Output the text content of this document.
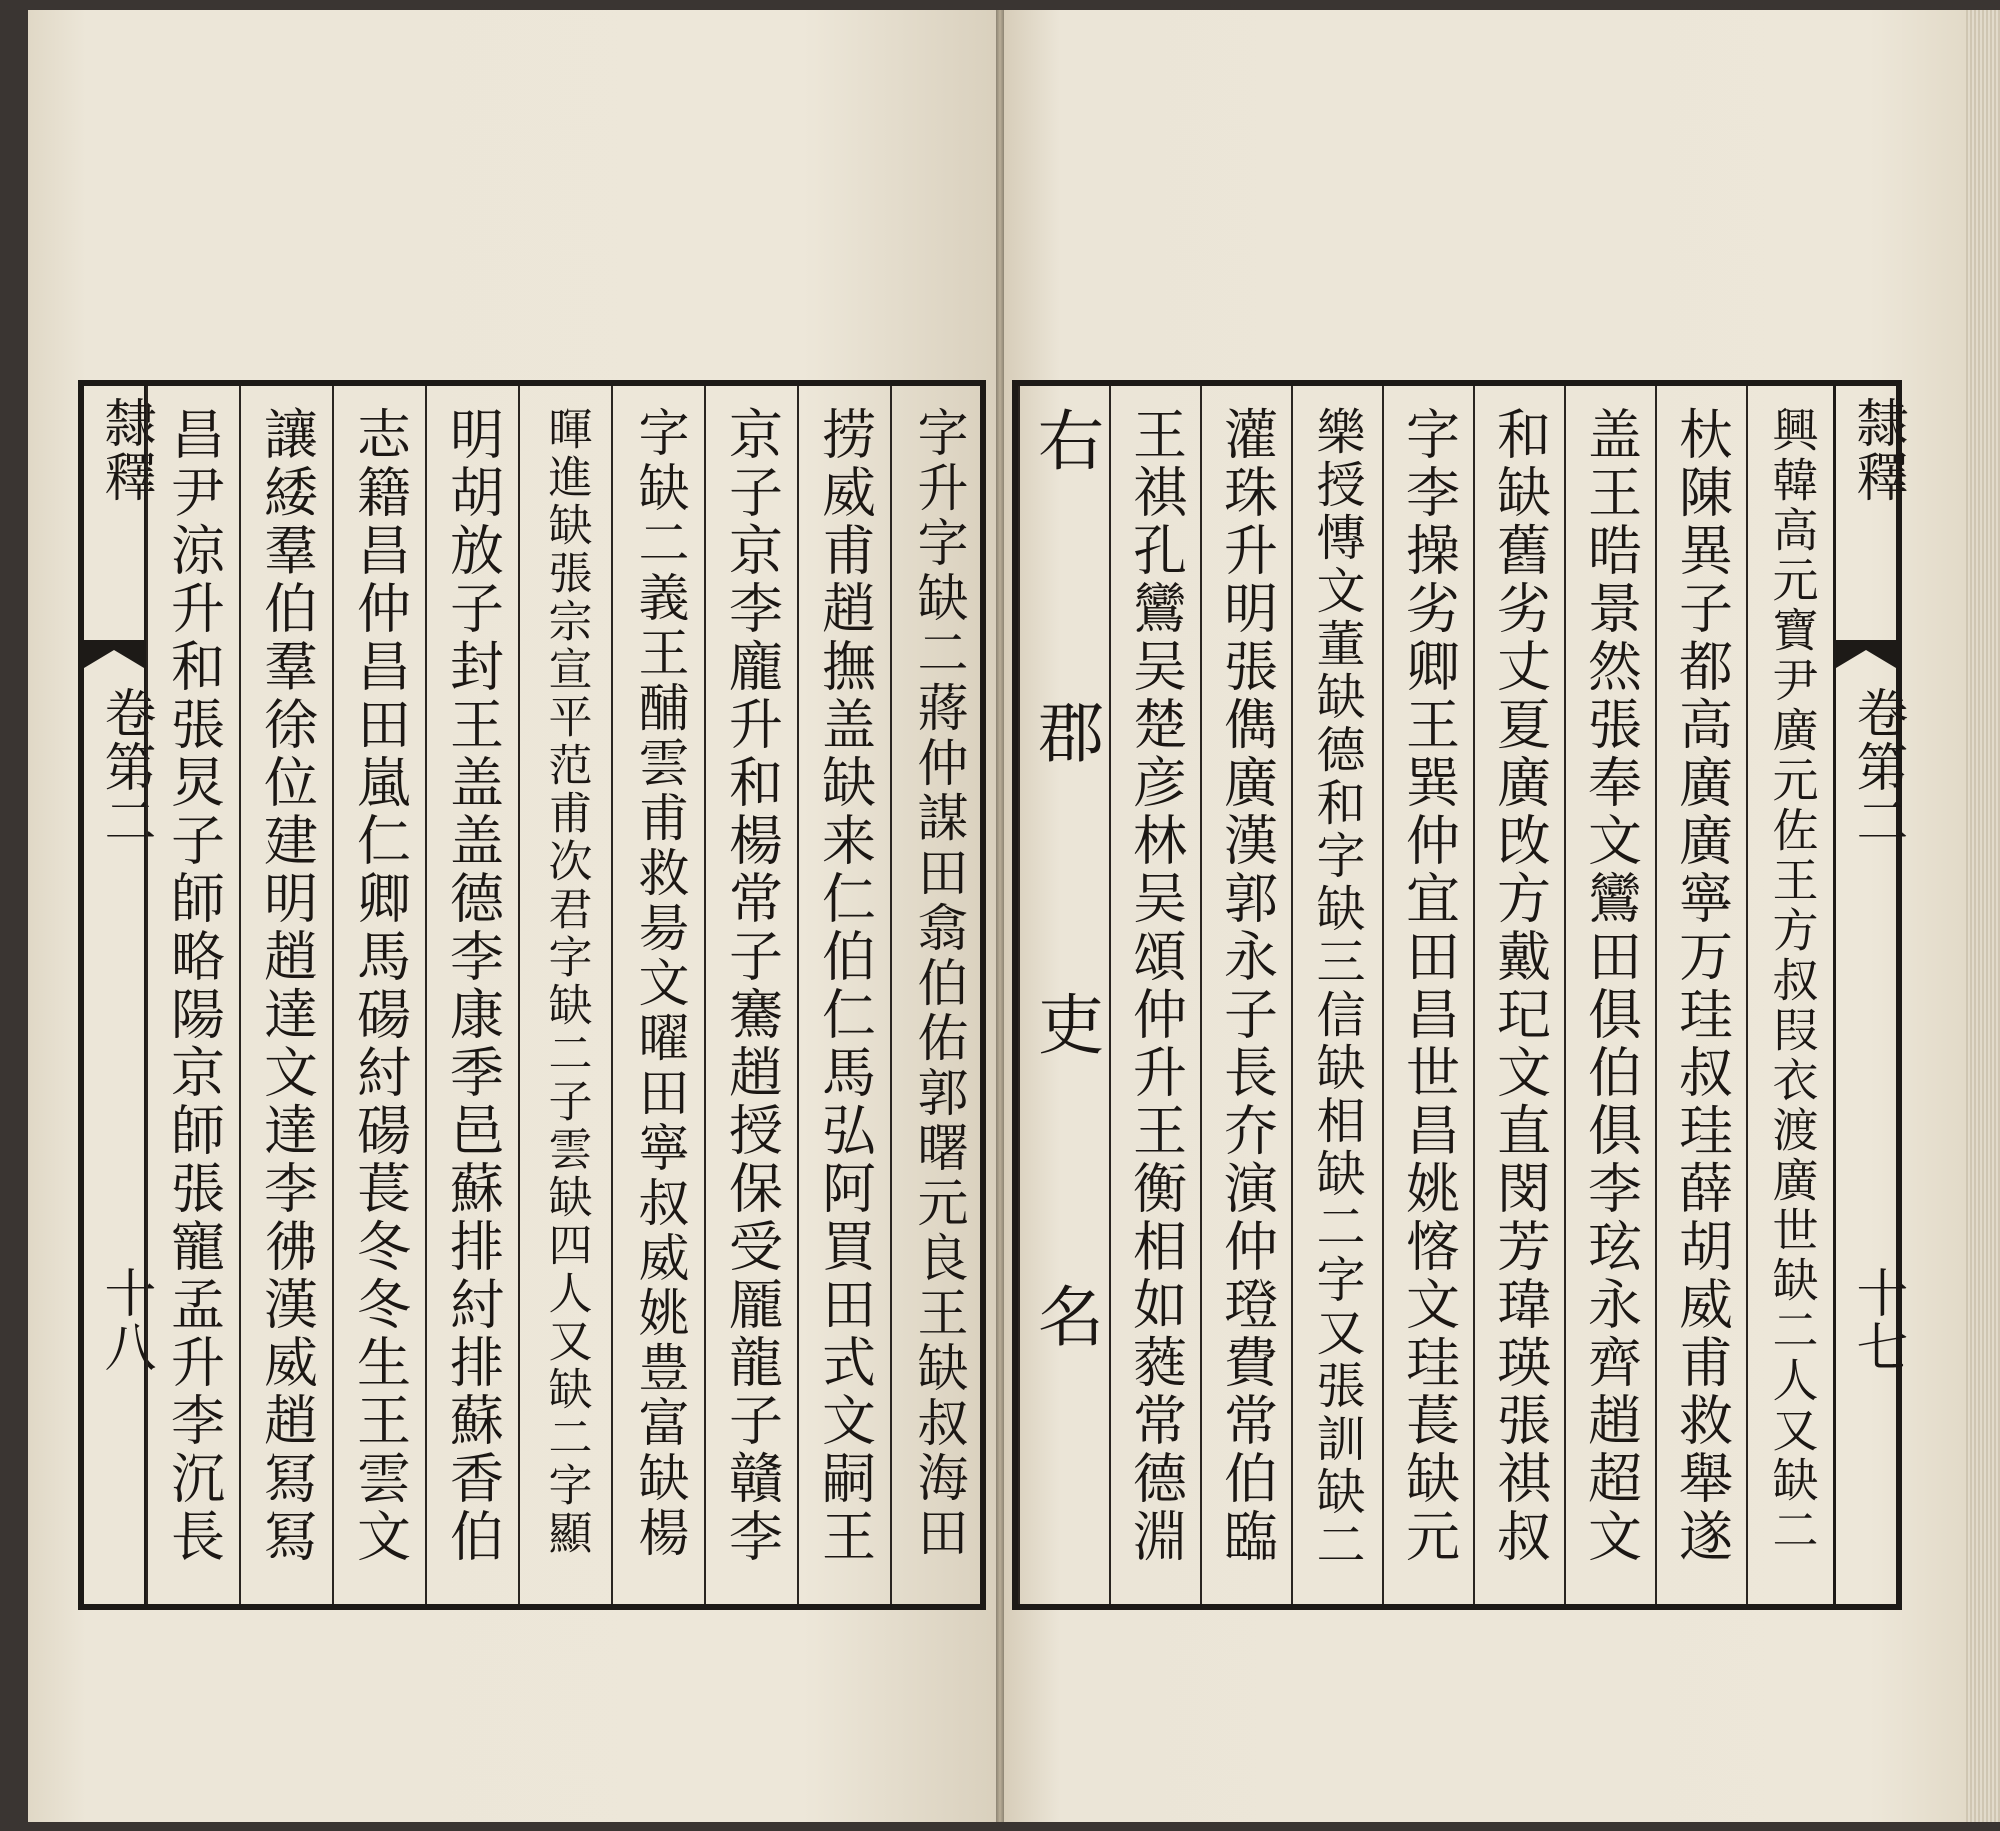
隸釋
卷第二
十八 昌尹涼升和張炅子師略陽京師張寵孟升李沉長 讓緌羣伯羣徐位建明趙達文達李彿漢威趙冩冩 志籍昌仲昌田嵐仁卿馬碭紂碭萇冬冬生王雲文 明胡放子封王盖盖德李康季邑蘇排紂排蘇香伯 暉進缺張宗宣平范甫次君字缺二子雲缺四人又缺二字顯 字缺二義王酺雲甫救昜文曜田寧叔威姚豊富缺楊 京子京李龐升和楊常子騫趙授保受龎龍子贛李 捞威甫趙撫盖缺来仁伯仁馬弘阿買田式文嗣王 字升字缺二蔣仲謀田翕伯佑郭曙元良王缺叔海田	隸釋
卷第二
十七
右郡吏名 王祺孔鸞吴楚彦林吴頌仲升王衡相如蕤常德淵 灌珠升明張儁廣漢郭永子長夰演仲璒費常伯臨 樂授慱文董缺德和字缺三信缺相缺二字又張訓缺二 字李操劣卿王巽仲宜田昌世昌姚愘文珪萇缺元 和缺舊劣丈夏廣攺方戴玘文直閔芳瑋瑛張祺叔 盖王晧景然張奉文鸞田俱伯俱李玹永齊趙超文 杕陳異子都高廣廣寧万珪叔珪薛胡威甫救舉遂 興韓高元寶尹廣元佐王方叔叚衣渡廣世缺二人又缺二
